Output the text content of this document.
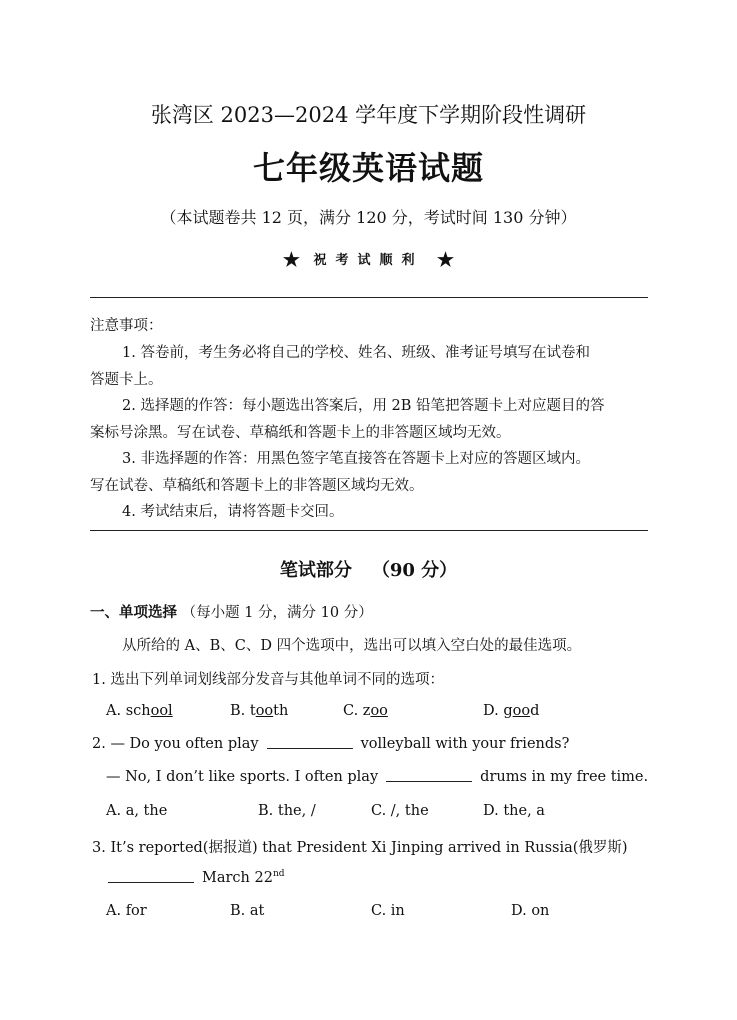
张湾区 2023—2024 学年度下学期阶段性调研
七年级英语试题
（本试题卷共 12 页，满分 120 分，考试时间 130 分钟）
★ 祝考试顺利 ★
注意事项：
1. 答卷前，考生务必将自己的学校、姓名、班级、准考证号填写在试卷和
答题卡上。
2. 选择题的作答：每小题选出答案后，用 2B 铅笔把答题卡上对应题目的答
案标号涂黑。写在试卷、草稿纸和答题卡上的非答题区域均无效。
3. 非选择题的作答：用黑色签字笔直接答在答题卡上对应的答题区域内。
写在试卷、草稿纸和答题卡上的非答题区域均无效。
4. 考试结束后，请将答题卡交回。
笔试部分 （90 分）
一、单项选择 （每小题 1 分，满分 10 分）
从所给的 A、B、C、D 四个选项中，选出可以填入空白处的最佳选项。
1. 选出下列单词划线部分发音与其他单词不同的选项：
A. school	B. tooth	C. zoo	D. good
2. — Do you often play	volleyball with your friends?
— No, I don’t like sports. I often play	drums in my free time.
A. a, the	B. the, /	C. /, the	D. the, a
3. It’s reported(据报道) that President Xi Jinping arrived in Russia(俄罗斯)
March 22nd
A. for	B. at	C. in	D. on
